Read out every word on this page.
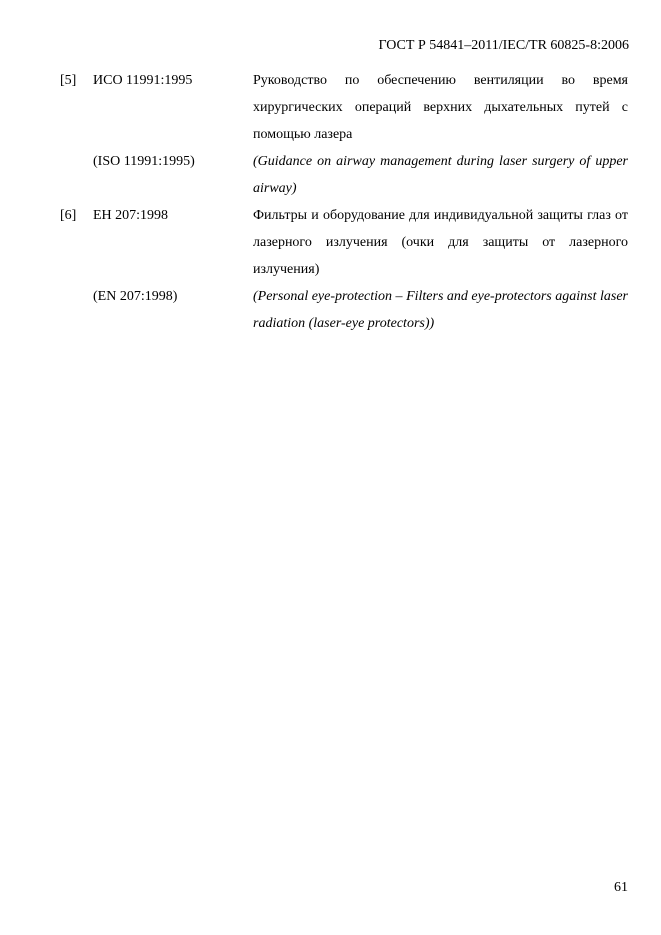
ГОСТ Р 54841–2011/IEC/TR 60825-8:2006
[5] ИСО 11991:1995	Руководство по обеспечению вентиляции во время хирургических операций верхних дыхательных путей с помощью лазера
(ISO 11991:1995)	(Guidance on airway management during laser surgery of upper airway)
[6] ЕН 207:1998	Фильтры и оборудование для индивидуальной защиты глаз от лазерного излучения (очки для защиты от лазерного излучения)
(EN 207:1998)	(Personal eye-protection – Filters and eye-protectors against laser radiation (laser-eye protectors))
61
